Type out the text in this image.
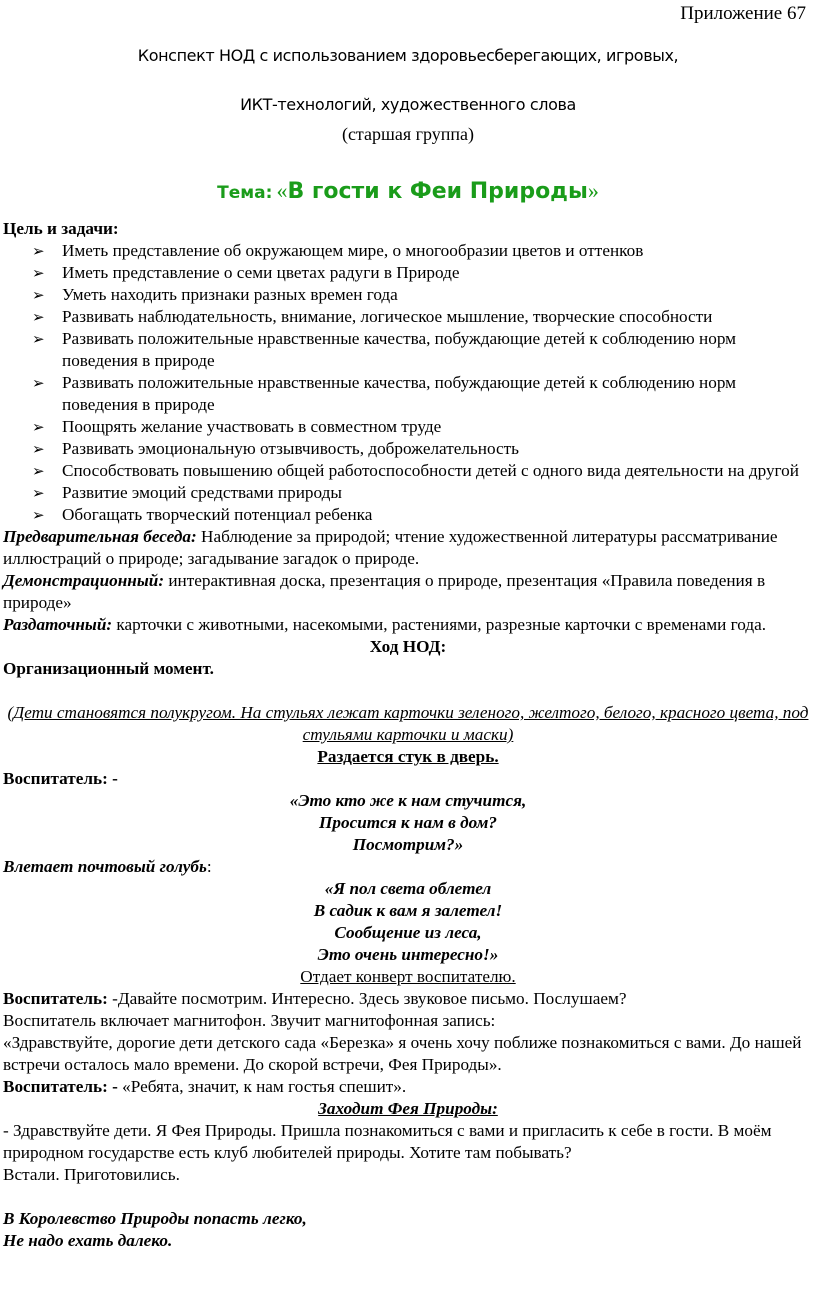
Приложение 67
Конспект НОД с использованием здоровьесберегающих, игровых,
ИКТ-технологий, художественного слова
(старшая группа)
Тема: «В гости к Феи Природы»

Цель и задачи:

➢ Иметь представление об окружающем мире, о многообразии цветов и оттенков
➢ Иметь представление о семи цветах радуги в Природе
➢ Уметь находить признаки разных времен года
➢ Развивать наблюдательность, внимание, логическое мышление, творческие способности
➢ Развивать положительные нравственные качества, побуждающие детей к соблюдению норм поведения в природе
➢ Развивать положительные нравственные качества, побуждающие детей к соблюдению норм поведения в природе
➢ Поощрять желание участвовать в совместном труде
➢ Развивать эмоциональную отзывчивость, доброжелательность
➢ Способствовать повышению общей работоспособности детей с одного вида деятельности на другой
➢ Развитие эмоций средствами природы
➢ Обогащать творческий потенциал ребенка

Предварительная беседа: Наблюдение за природой; чтение художественной литературы рассматривание иллюстраций о природе; загадывание загадок о природе.

Демонстрационный: интерактивная доска, презентация о природе, презентация «Правила поведения в природе»

Раздаточный: карточки с животными, насекомыми, растениями, разрезные карточки с временами года.

Ход НОД:

Организационный момент.

(Дети становятся полукругом. На стульях лежат карточки зеленого, желтого, белого, красного цвета, под стульями карточки и маски)

Раздается стук в дверь.

Воспитатель: -

«Это кто же к нам стучится,

Просится к нам в дом?

Посмотрим?»

Влетает почтовый голубь:

«Я пол света облетел

В садик к вам я залетел!

Сообщение из леса,

Это очень интересно!»

Отдает конверт воспитателю.

Воспитатель: -Давайте посмотрим. Интересно. Здесь звуковое письмо. Послушаем?

Воспитатель включает магнитофон. Звучит магнитофонная запись:

«Здравствуйте, дорогие дети детского сада «Березка» я очень хочу поближе познакомиться с вами. До нашей встречи осталось мало времени. До скорой встречи, Фея Природы».

Воспитатель: - «Ребята, значит, к нам гостья спешит».

Заходит Фея Природы:

- Здравствуйте дети. Я Фея Природы. Пришла познакомиться с вами и пригласить к себе в гости. В моём природном государстве есть клуб любителей природы. Хотите там побывать?

Встали. Приготовились.

В Королевство Природы попасть легко,

Не надо ехать далеко.
